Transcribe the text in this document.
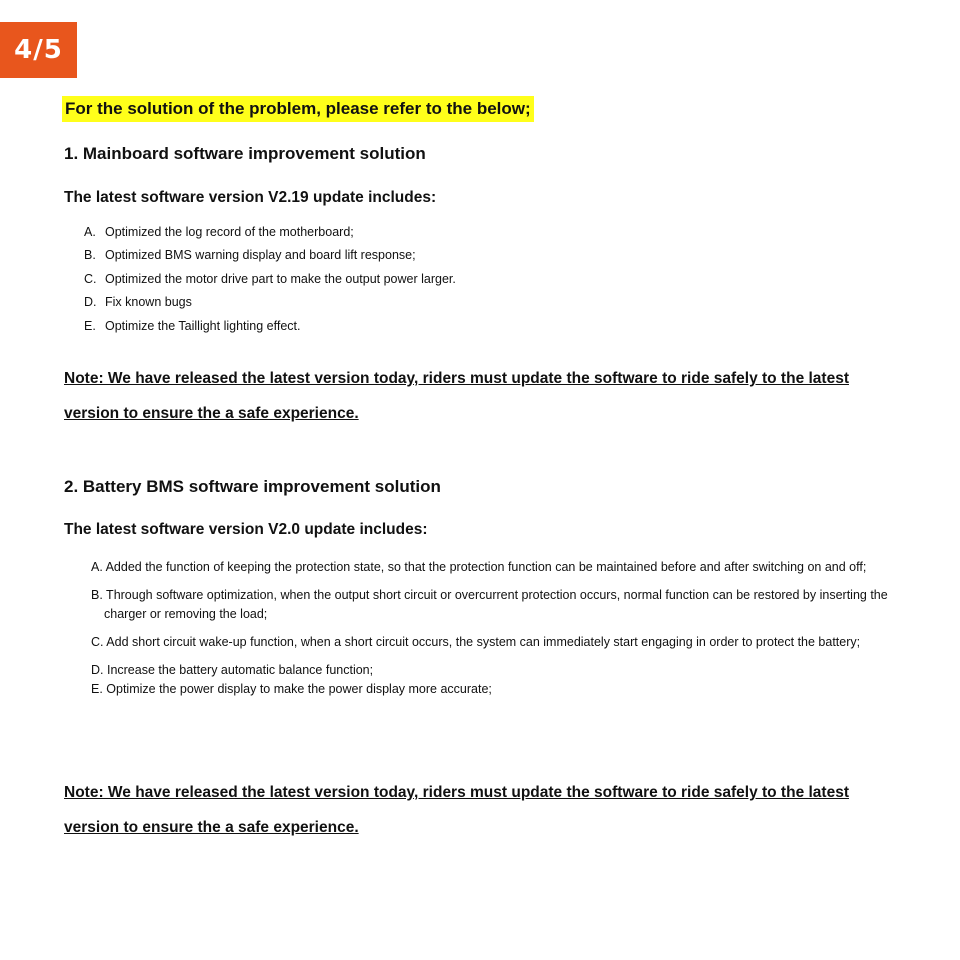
4/5
For the solution of the problem, please refer to the below;
1. Mainboard software improvement solution
The latest software version V2.19 update includes:
A. Optimized the log record of the motherboard;
B. Optimized BMS warning display and board lift response;
C. Optimized the motor drive part to make the output power larger.
D. Fix known bugs
E. Optimize the Taillight lighting effect.
Note: We have released the latest version today, riders must update the software to ride safely to the latest version to ensure the a safe experience.
2. Battery BMS software improvement solution
The latest software version V2.0 update includes:
A. Added the function of keeping the protection state, so that the protection function can be maintained before and after switching on and off;
B. Through software optimization, when the output short circuit or overcurrent protection occurs, normal function can be restored by inserting the charger or removing the load;
C. Add short circuit wake-up function, when a short circuit occurs, the system can immediately start engaging in order to protect the battery;
D. Increase the battery automatic balance function;
E. Optimize the power display to make the power display more accurate;
Note: We have released the latest version today, riders must update the software to ride safely to the latest version to ensure the a safe experience.
